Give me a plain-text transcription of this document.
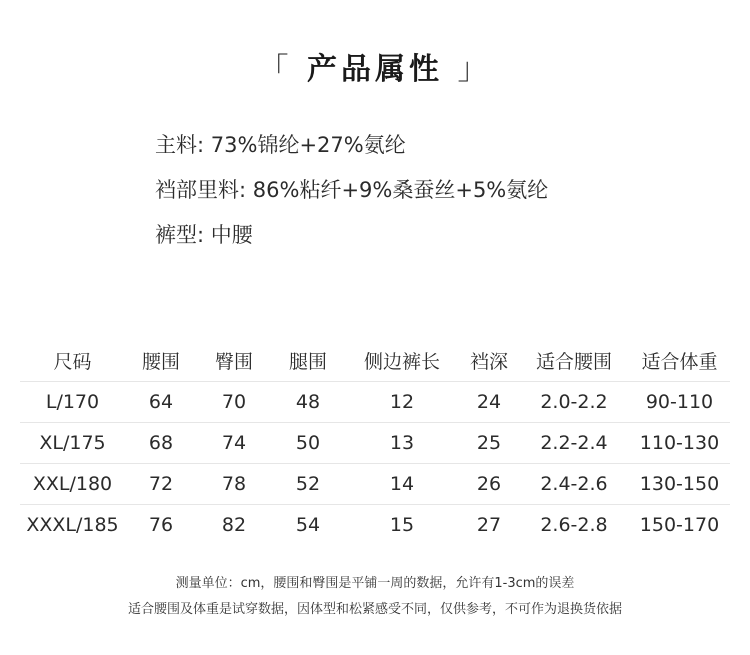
「 产品属性 」
主料: 73%锦纶+27%氨纶
裆部里料: 86%粘纤+9%桑蚕丝+5%氨纶
裤型: 中腰
尺码	腰围	臀围	腿围	侧边裤长	裆深	适合腰围	适合体重
L/170	64	70	48	12	24	2.0-2.2	90-110
XL/175	68	74	50	13	25	2.2-2.4	110-130
XXL/180	72	78	52	14	26	2.4-2.6	130-150
XXXL/185	76	82	54	15	27	2.6-2.8	150-170
测量单位：cm，腰围和臀围是平铺一周的数据，允许有1-3cm的误差
适合腰围及体重是试穿数据，因体型和松紧感受不同，仅供参考，不可作为退换货依据
